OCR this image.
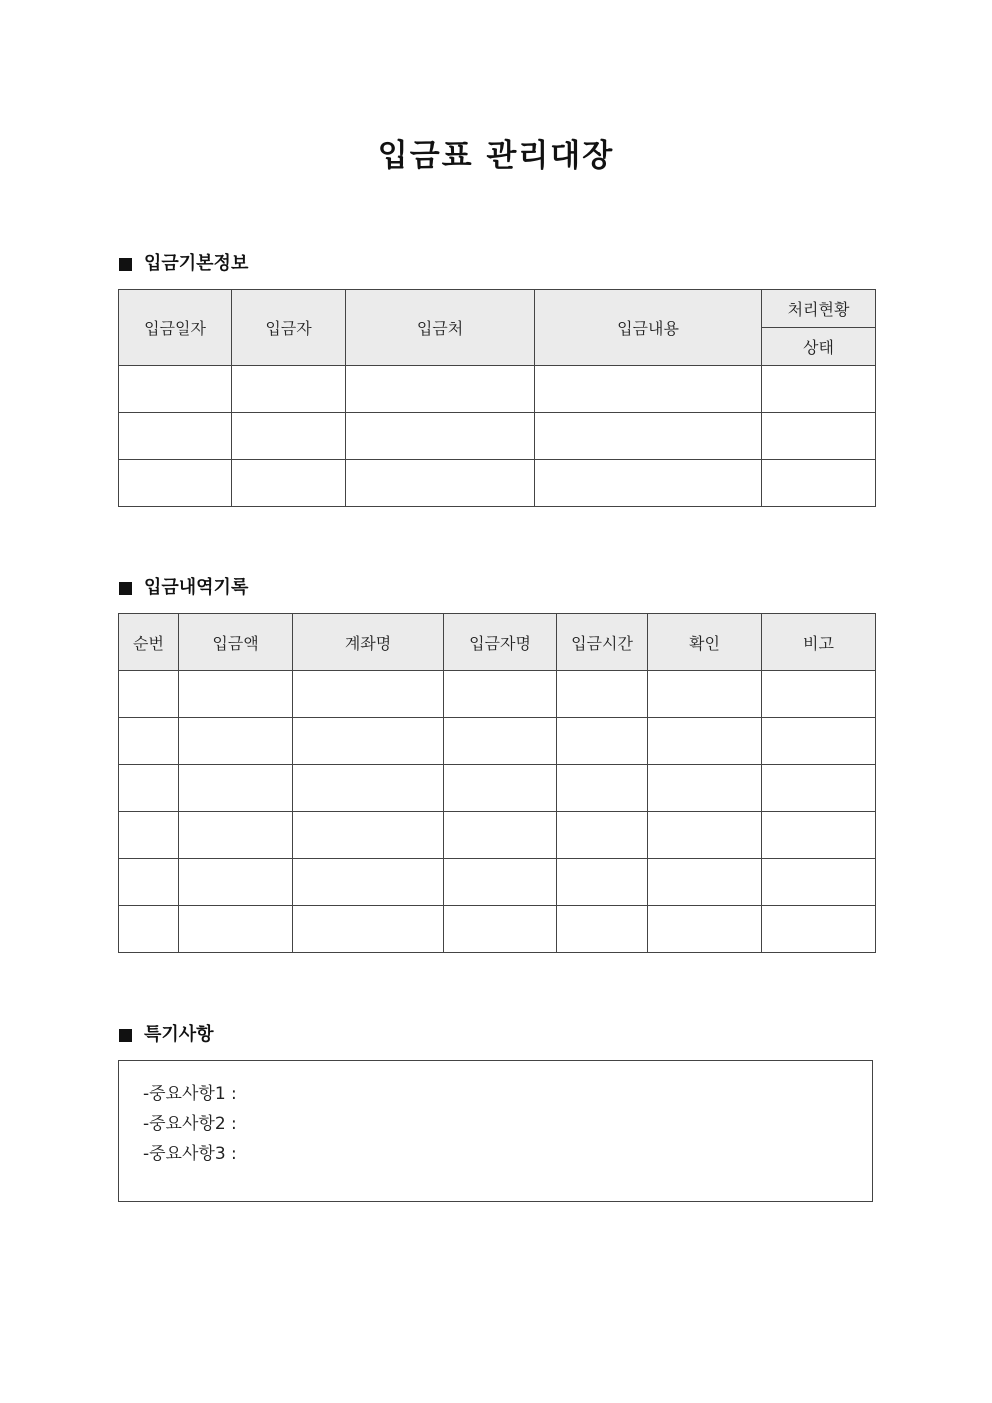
입금표 관리대장
입금기본정보
입금일자	입금자	입금처	입금내용	처리현황
				상태

입금내역기록
순번	입금액	계좌명	입금자명	입금시간	확인	비고

특기사항
-중요사항1 :
-중요사항2 :
-중요사항3 :
